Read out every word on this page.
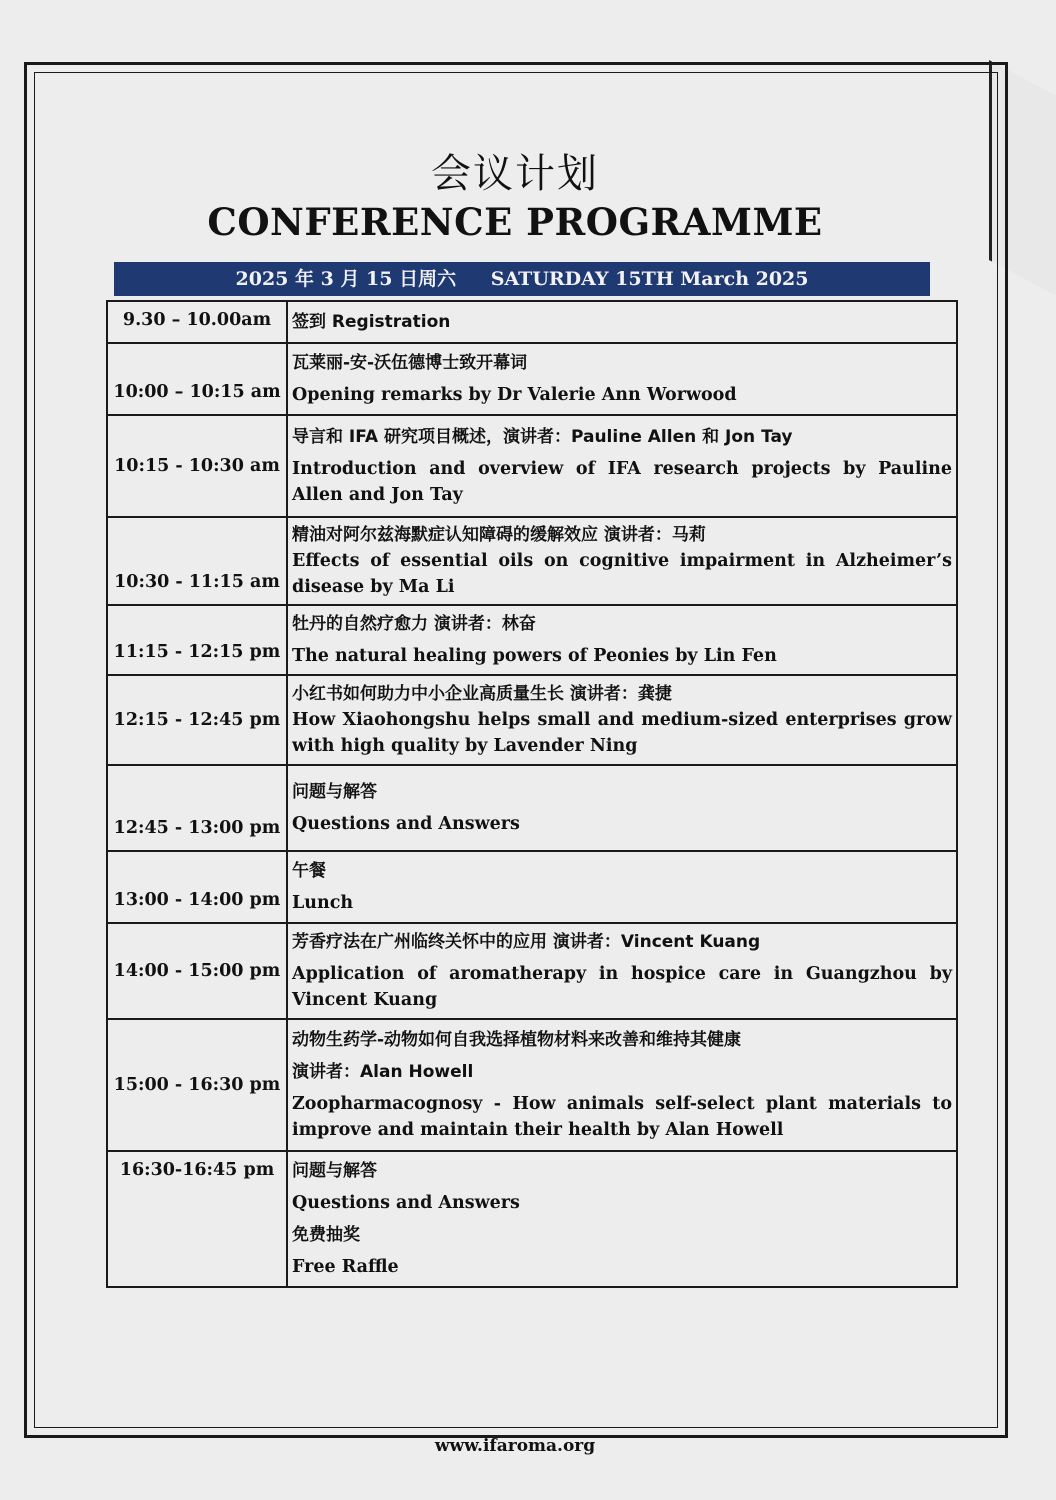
会议计划
CONFERENCE PROGRAMME
2025 年 3 月 15 日周六 SATURDAY 15TH March 2025
9.30 – 10.00am	签到 Registration

10:00 – 10:15 am	瓦莱丽-安-沃伍德博士致开幕词
Opening remarks by Dr Valerie Ann Worwood

10:15 - 10:30 am	导言和 IFA 研究项目概述，演讲者：Pauline Allen 和 Jon Tay
Introduction and overview of IFA research projects by Pauline Allen and Jon Tay

10:30 - 11:15 am	精油对阿尔兹海默症认知障碍的缓解效应 演讲者：马莉
Effects of essential oils on cognitive impairment in Alzheimer’s disease by Ma Li

11:15 - 12:15 pm	牡丹的自然疗愈力 演讲者：林奋
The natural healing powers of Peonies by Lin Fen

12:15 - 12:45 pm	小红书如何助力中小企业高质量生长 演讲者：龚捷
How Xiaohongshu helps small and medium-sized enterprises grow with high quality by Lavender Ning

12:45 - 13:00 pm	问题与解答
Questions and Answers

13:00 - 14:00 pm	午餐
Lunch

14:00 - 15:00 pm	芳香疗法在广州临终关怀中的应用 演讲者：Vincent Kuang
Application of aromatherapy in hospice care in Guangzhou by Vincent Kuang

15:00 - 16:30 pm	动物生药学-动物如何自我选择植物材料来改善和维持其健康
演讲者：Alan Howell
Zoopharmacognosy - How animals self-select plant materials to improve and maintain their health by Alan Howell

16:30-16:45 pm	问题与解答
Questions and Answers
免费抽奖
Free Raffle
www.ifaroma.org
